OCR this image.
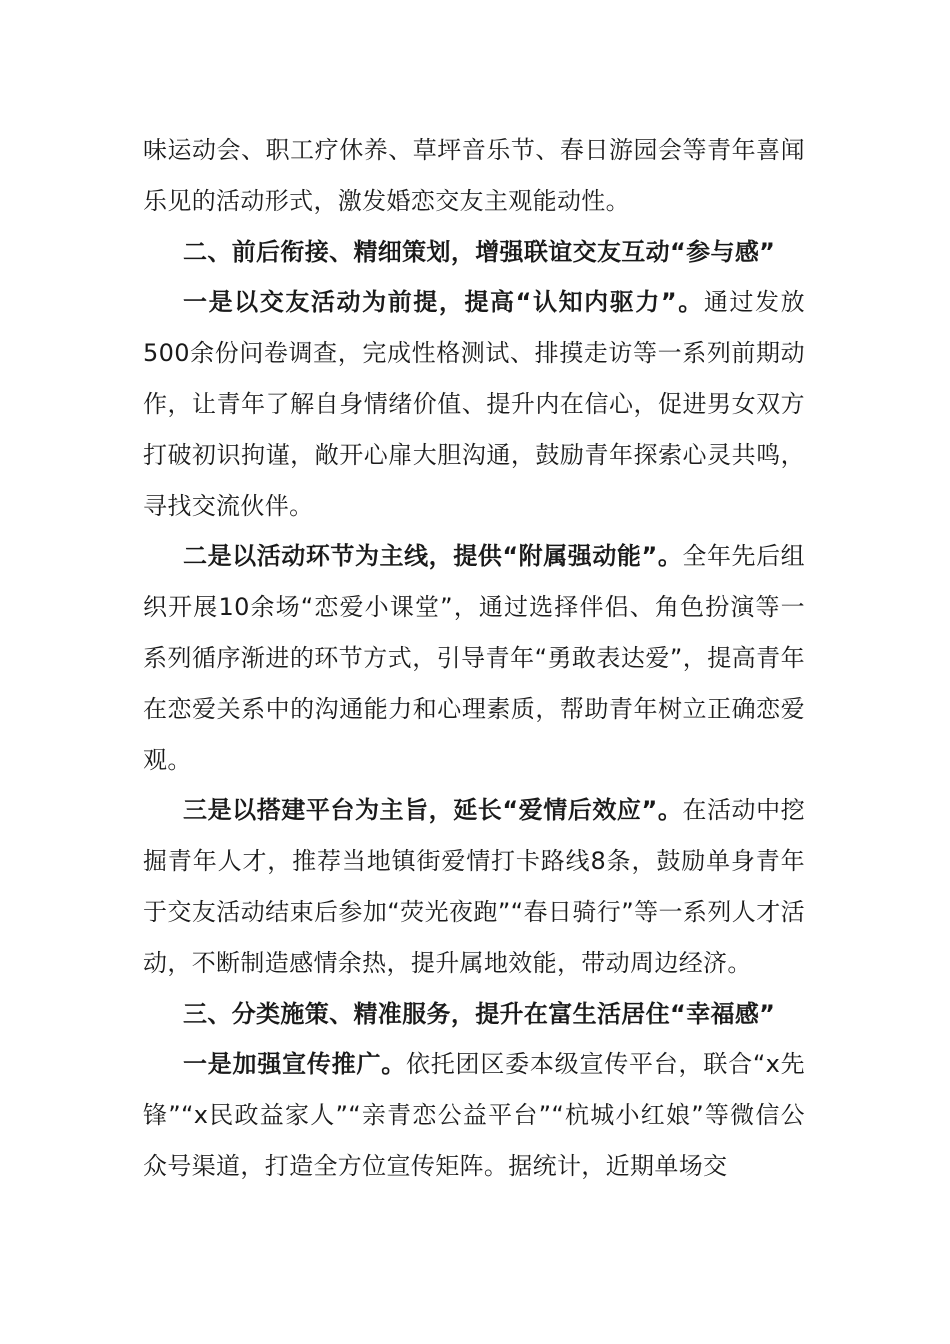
味运动会、职工疗休养、草坪音乐节、春日游园会等青年喜闻乐见的活动形式，激发婚恋交友主观能动性。

二、前后衔接、精细策划，增强联谊交友互动“参与感”

一是以交友活动为前提，提高“认知内驱力”。通过发放500余份问卷调查，完成性格测试、排摸走访等一系列前期动作，让青年了解自身情绪价值、提升内在信心，促进男女双方打破初识拘谨，敞开心扉大胆沟通，鼓励青年探索心灵共鸣，寻找交流伙伴。

二是以活动环节为主线，提供“附属强动能”。全年先后组织开展10余场“恋爱小课堂”，通过选择伴侣、角色扮演等一系列循序渐进的环节方式，引导青年“勇敢表达爱”，提高青年在恋爱关系中的沟通能力和心理素质，帮助青年树立正确恋爱观。

三是以搭建平台为主旨，延长“爱情后效应”。在活动中挖掘青年人才，推荐当地镇街爱情打卡路线8条，鼓励单身青年于交友活动结束后参加“荧光夜跑”“春日骑行”等一系列人才活动，不断制造感情余热，提升属地效能，带动周边经济。

三、分类施策、精准服务，提升在富生活居住“幸福感”

一是加强宣传推广。依托团区委本级宣传平台，联合“x先锋”“x民政益家人”“亲青恋公益平台”“杭城小红娘”等微信公众号渠道，打造全方位宣传矩阵。据统计，近期单场交
